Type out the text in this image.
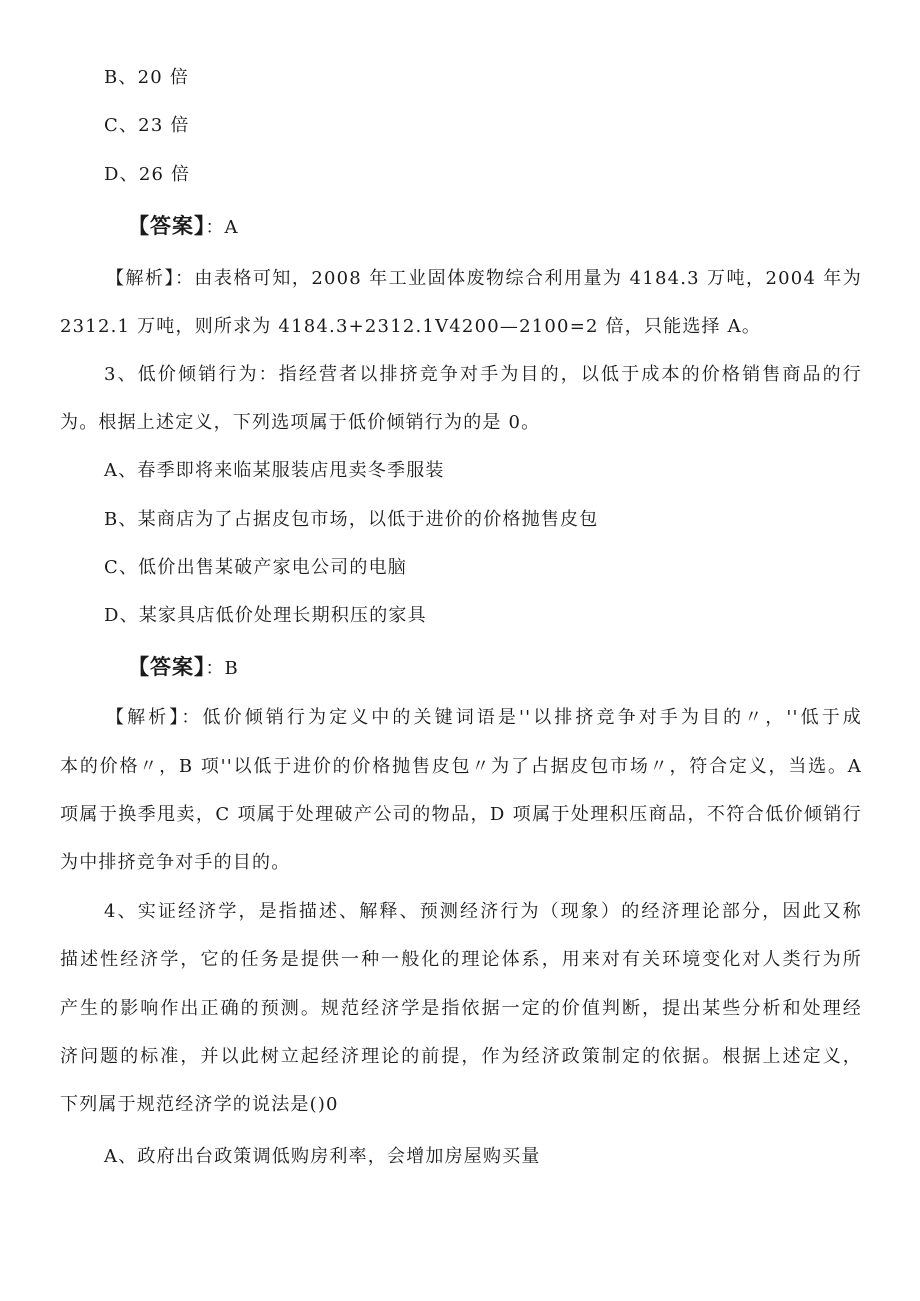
B、20 倍
C、23 倍
D、26 倍
【答案】：A
【解析】：由表格可知，2008 年工业固体废物综合利用量为 4184.3 万吨，2004 年为
2312.1 万吨，则所求为 4184.3+2312.1V4200—2100=2 倍，只能选择 A。
3、低价倾销行为：指经营者以排挤竞争对手为目的，以低于成本的价格销售商品的行
为。根据上述定义，下列选项属于低价倾销行为的是 0。
A、春季即将来临某服装店甩卖冬季服装
B、某商店为了占据皮包市场，以低于进价的价格抛售皮包
C、低价出售某破产家电公司的电脑
D、某家具店低价处理长期积压的家具
【答案】：B
【解析】：低价倾销行为定义中的关键词语是''以排挤竞争对手为目的〃，''低于成
本的价格〃，B 项''以低于进价的价格抛售皮包〃为了占据皮包市场〃，符合定义，当选。A
项属于换季甩卖，C 项属于处理破产公司的物品，D 项属于处理积压商品，不符合低价倾销行
为中排挤竞争对手的目的。
4、实证经济学，是指描述、解释、预测经济行为（现象）的经济理论部分，因此又称
描述性经济学，它的任务是提供一种一般化的理论体系，用来对有关环境变化对人类行为所
产生的影响作出正确的预测。规范经济学是指依据一定的价值判断，提出某些分析和处理经
济问题的标准，并以此树立起经济理论的前提，作为经济政策制定的依据。根据上述定义，
下列属于规范经济学的说法是()0
A、政府出台政策调低购房利率，会增加房屋购买量
